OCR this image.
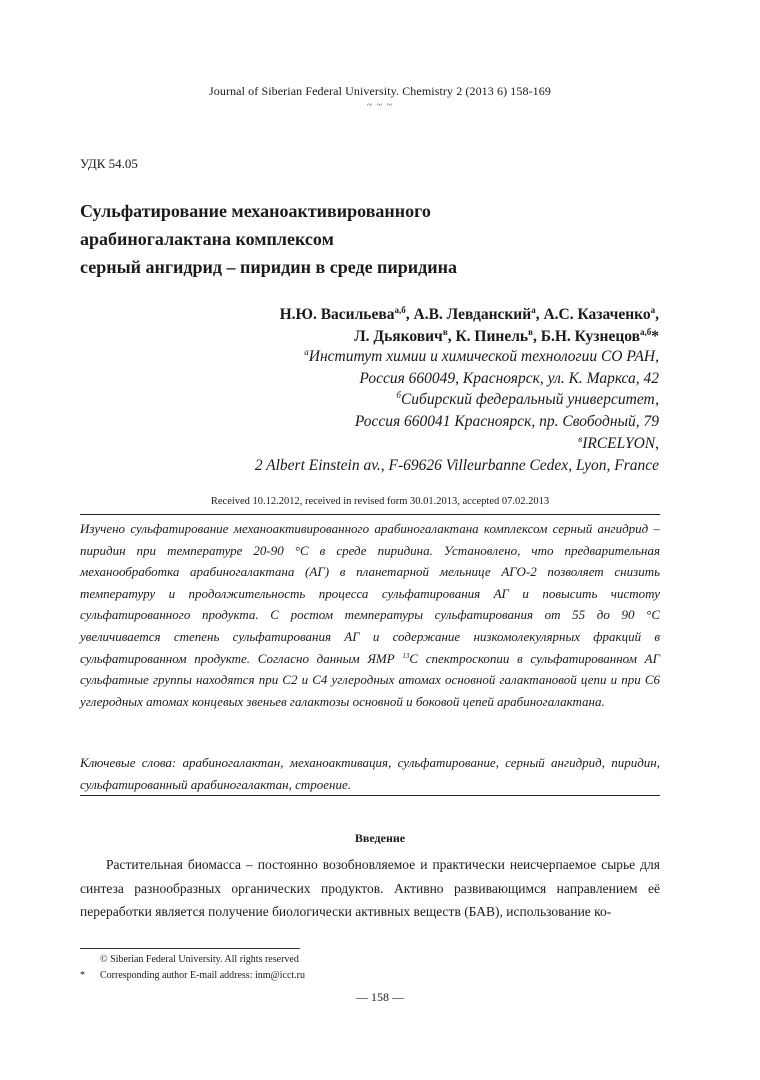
Journal of Siberian Federal University. Chemistry 2 (2013 6) 158-169
~ ~ ~
УДК 54.05
Сульфатирование механоактивированного
арабиногалактана комплексом
серный ангидрид – пиридин в среде пиридина
Н.Ю. Васильева$^{а,б}$, А.В. Левданский$^а$, А.С. Казаченко$^а$,
Л. Дьякович$^в$, К. Пинель$^в$, Б.Н. Кузнецов$^{а,б}$*
$^а$Институт химии и химической технологии СО РАН,
Россия 660049, Красноярск, ул. К. Маркса, 42
$^б$Сибирский федеральный университет,
Россия 660041 Красноярск, пр. Свободный, 79
$^в$IRCELYON,
2 Albert Einstein av., F-69626 Villeurbanne Cedex, Lyon, France
Received 10.12.2012, received in revised form 30.01.2013, accepted 07.02.2013
Изучено сульфатирование механоактивированного арабиногалактана комплексом серный ангидрид – пиридин при температуре 20-90 °С в среде пиридина. Установлено, что предварительная механообработка арабиногалактана (АГ) в планетарной мельнице АГО-2 позволяет снизить температуру и продолжительность процесса сульфатирования АГ и повысить чистоту сульфатированного продукта. С ростом температуры сульфатирования от 55 до 90 °С увеличивается степень сульфатирования АГ и содержание низкомолекулярных фракций в сульфатированном продукте. Согласно данным ЯМР $^{13}$С спектроскопии в сульфатированном АГ сульфатные группы находятся при С2 и С4 углеродных атомах основной галактановой цепи и при С6 углеродных атомах концевых звеньев галактозы основной и боковой цепей арабиногалактана.
Ключевые слова: арабиногалактан, механоактивация, сульфатирование, серный ангидрид, пиридин, сульфатированный арабиногалактан, строение.
Введение
Растительная биомасса – постоянно возобновляемое и практически неисчерпаемое сырье для синтеза разнообразных органических продуктов. Активно развивающимся направлением её переработки является получение биологически активных веществ (БАВ), использование ко-
© Siberian Federal University. All rights reserved
*	Corresponding author E-mail address: inm@icct.ru
— 158 —
